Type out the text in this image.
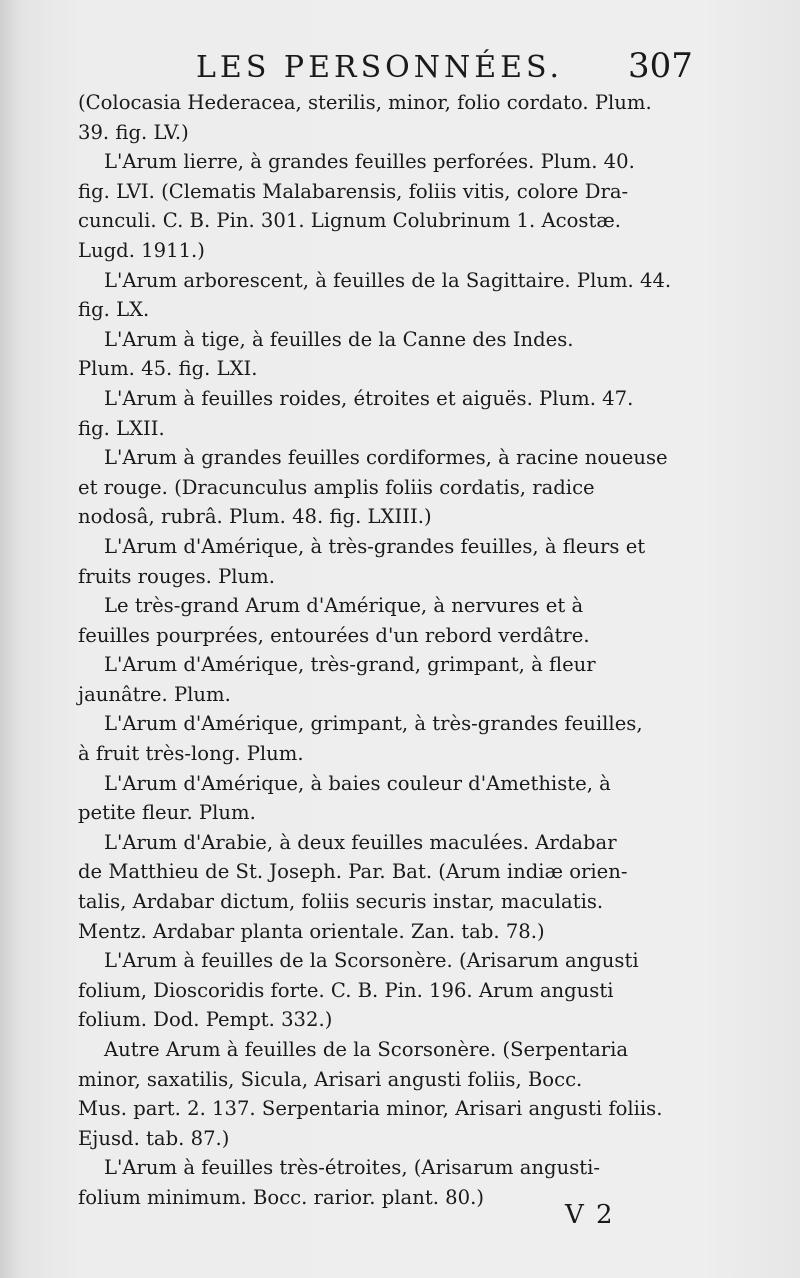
LES PERSONNÉES. 307

(Colocasia Hederacea, sterilis, minor, folio cordato. Plum.
39. fig. LV.)

L'Arum lierre, à grandes feuilles perforées. Plum. 40.
fig. LVI. (Clematis Malabarensis, foliis vitis, colore Dra-
cunculi. C. B. Pin. 301. Lignum Colubrinum 1. Acostæ.
Lugd. 1911.)

L'Arum arborescent, à feuilles de la Sagittaire. Plum. 44.
fig. LX.

L'Arum à tige, à feuilles de la Canne des Indes.
Plum. 45. fig. LXI.

L'Arum à feuilles roides, étroites et aiguës. Plum. 47.
fig. LXII.

L'Arum à grandes feuilles cordiformes, à racine noueuse
et rouge. (Dracunculus amplis foliis cordatis, radice
nodosâ, rubrâ. Plum. 48. fig. LXIII.)

L'Arum d'Amérique, à très-grandes feuilles, à fleurs et
fruits rouges. Plum.

Le très-grand Arum d'Amérique, à nervures et à
feuilles pourprées, entourées d'un rebord verdâtre.

L'Arum d'Amérique, très-grand, grimpant, à fleur
jaunâtre. Plum.

L'Arum d'Amérique, grimpant, à très-grandes feuilles,
à fruit très-long. Plum.

L'Arum d'Amérique, à baies couleur d'Amethiste, à
petite fleur. Plum.

L'Arum d'Arabie, à deux feuilles maculées. Ardabar
de Matthieu de St. Joseph. Par. Bat. (Arum indiæ orien-
talis, Ardabar dictum, foliis securis instar, maculatis.
Mentz. Ardabar planta orientale. Zan. tab. 78.)

L'Arum à feuilles de la Scorsonère. (Arisarum angusti
folium, Dioscoridis forte. C. B. Pin. 196. Arum angusti
folium. Dod. Pempt. 332.)

Autre Arum à feuilles de la Scorsonère. (Serpentaria
minor, saxatilis, Sicula, Arisari angusti foliis, Bocc.
Mus. part. 2. 137. Serpentaria minor, Arisari angusti foliis.
Ejusd. tab. 87.)

L'Arum à feuilles très-étroites, (Arisarum angusti-
folium minimum. Bocc. rarior. plant. 80.)

V 2
